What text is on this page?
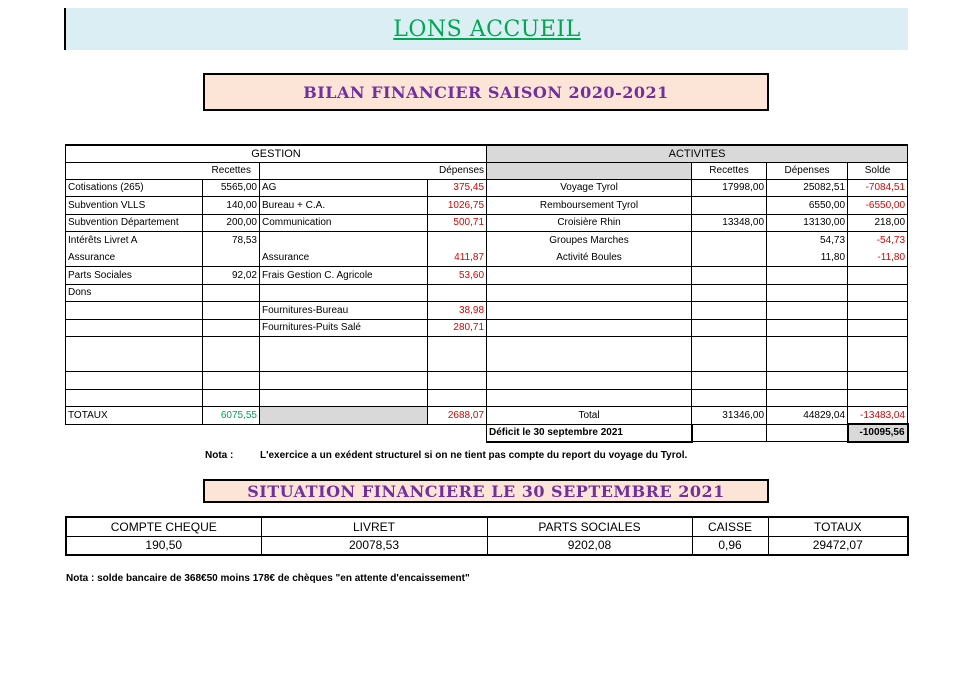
LONS ACCUEIL
BILAN FINANCIER SAISON 2020-2021
GESTION				ACTIVITES			
Recettes		Dépenses			Recettes	Dépenses	Solde
Cotisations (265)	5565,00	AG	375,45	Voyage Tyrol	17998,00	25082,51	-7084,51
Subvention VLLS	140,00	Bureau + C.A.	1026,75	Remboursement Tyrol		6550,00	-6550,00
Subvention Département	200,00	Communication	500,71	Croisière Rhin	13348,00	13130,00	218,00
Intérêts Livret A	78,53			Groupes Marches		54,73	-54,73
Assurance		Assurance	411,87	Activité Boules		11,80	-11,80
Parts Sociales	92,02	Frais Gestion C. Agricole	53,60				
Dons							
		Fournitures-Bureau	38,98				
		Fournitures-Puits Salé	280,71				

TOTAUX	6075,55		2688,07	Total	31346,00	44829,04	-13483,04
				Déficit le 30 septembre 2021			-10095,56
Nota :	L'exercice a un exédent structurel si on ne tient pas compte du report du voyage du Tyrol.
SITUATION FINANCIERE LE 30 SEPTEMBRE 2021
COMPTE CHEQUE	LIVRET	PARTS SOCIALES	CAISSE	TOTAUX
190,50	20078,53	9202,08	0,96	29472,07
Nota : solde bancaire de 368€50 moins 178€ de chèques "en attente d'encaissement"
